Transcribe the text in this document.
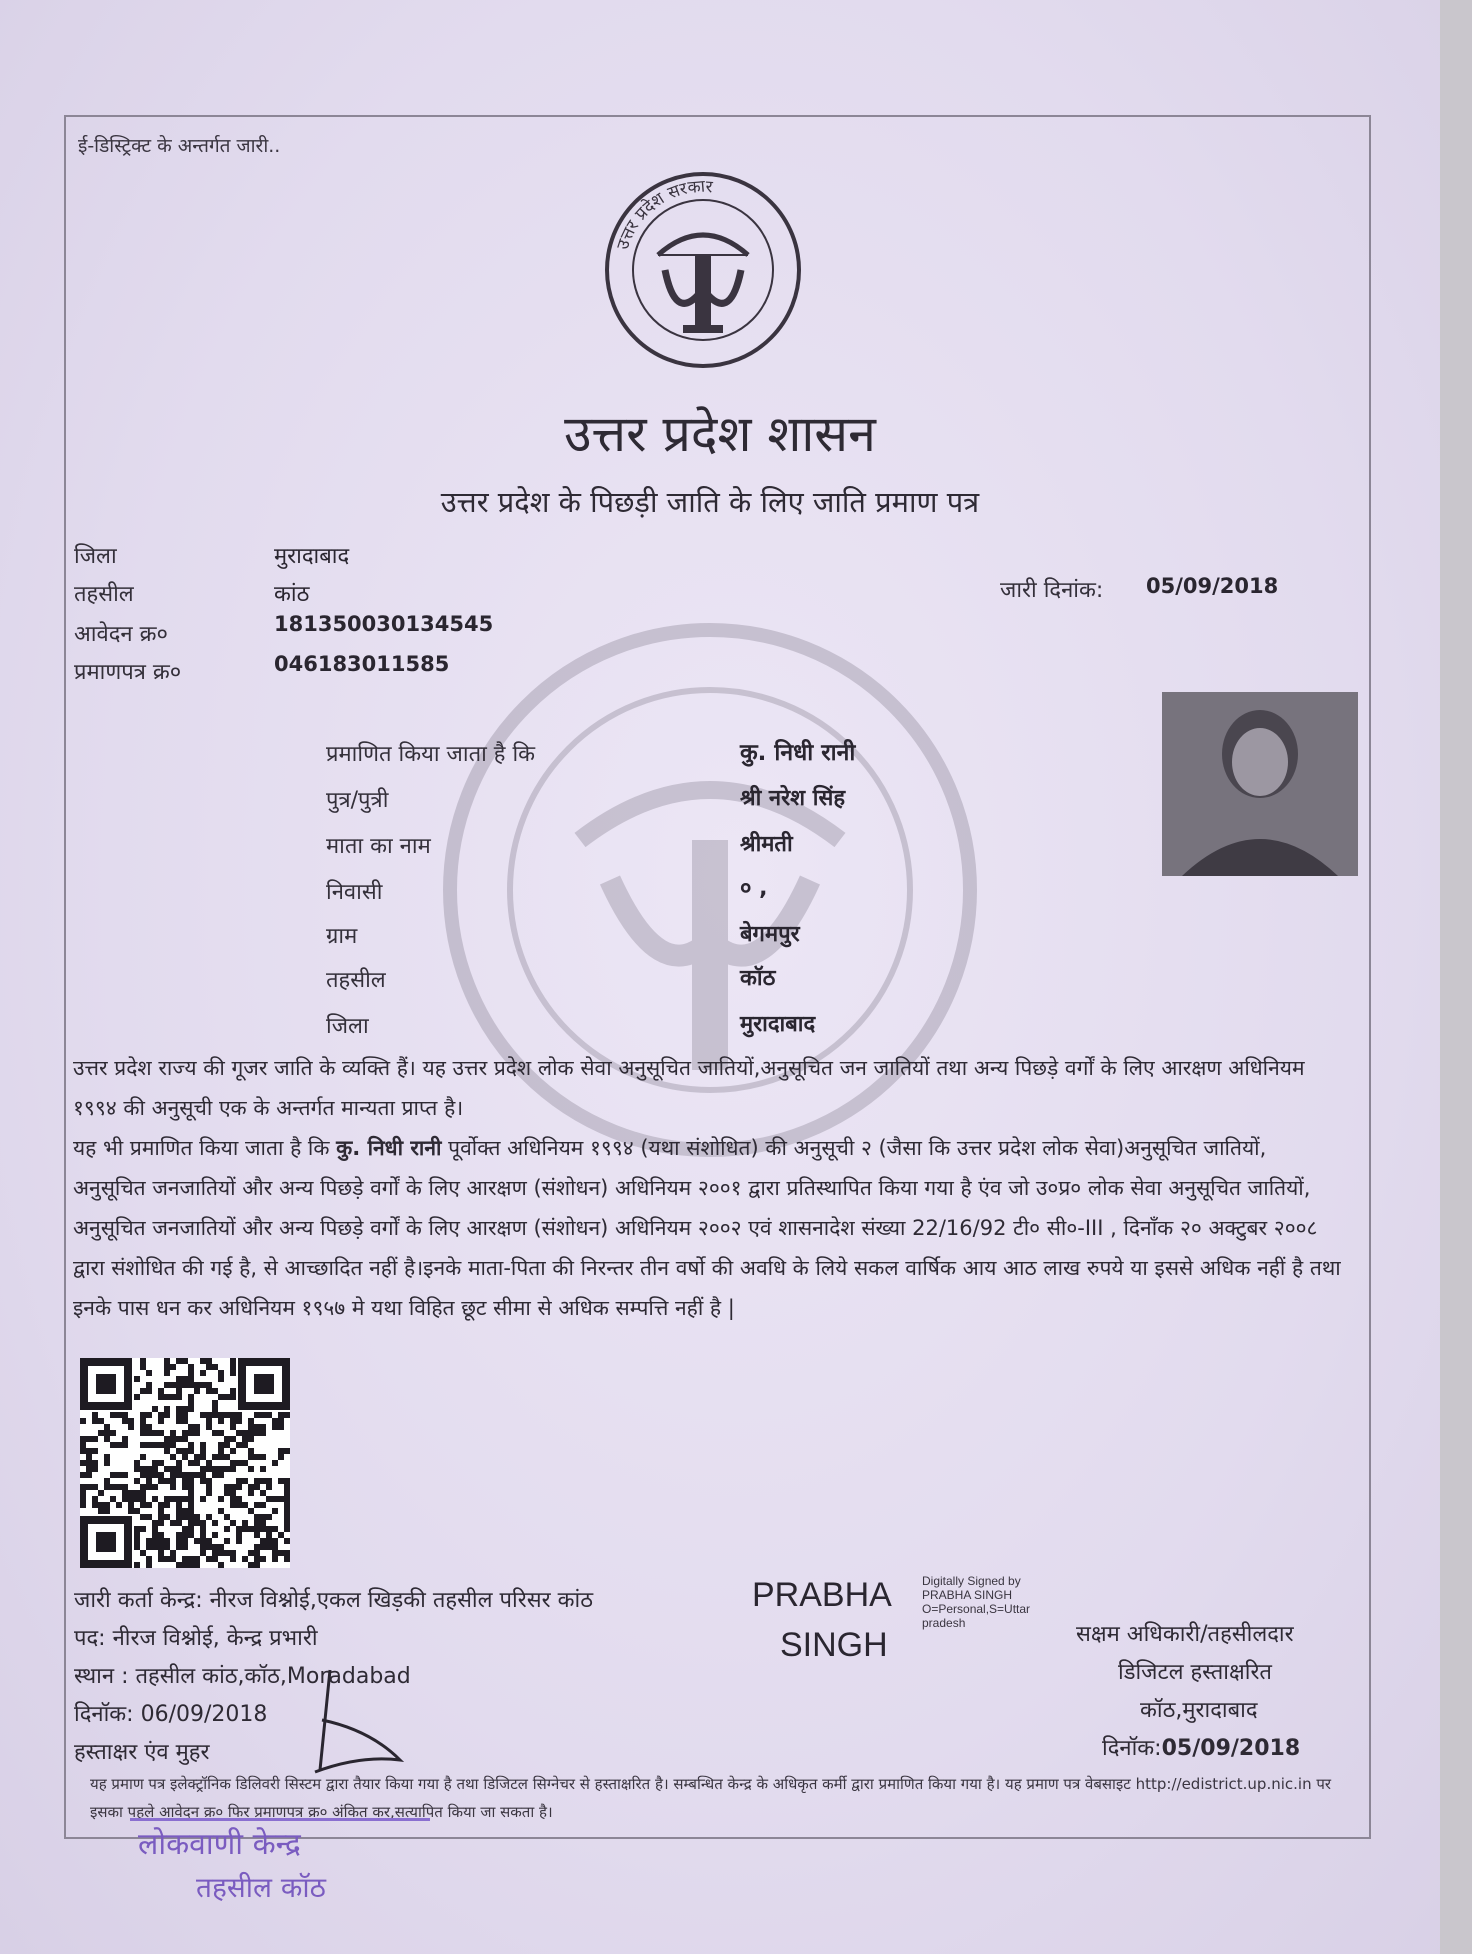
ई-डिस्ट्रिक्ट के अन्तर्गत जारी..
उत्तर प्रदेश सरकार
उत्तर प्रदेश शासन
उत्तर प्रदेश के पिछड़ी जाति के लिए जाति प्रमाण पत्र
जिला	मुरादाबाद
तहसील	कांठ
आवेदन क्र०	181350030134545
प्रमाणपत्र क्र०	046183011585
जारी दिनांक: 05/09/2018
प्रमाणित किया जाता है कि	कु. निधी रानी
पुत्र/पुत्री	श्री नरेश सिंह
माता का नाम	श्रीमती
निवासी	० ,
ग्राम	बेगमपुर
तहसील	कॉठ
जिला	मुरादाबाद
उत्तर प्रदेश राज्य की गूजर जाति के व्यक्ति हैं। यह उत्तर प्रदेश लोक सेवा अनुसूचित जातियों,अनुसूचित जन जातियों तथा अन्य पिछड़े वर्गों के लिए आरक्षण अधिनियम १९९४ की अनुसूची एक के अन्तर्गत मान्यता प्राप्त है।
यह भी प्रमाणित किया जाता है कि कु. निधी रानी पूर्वोक्त अधिनियम १९९४ (यथा संशोधित) की अनुसूची २ (जैसा कि उत्तर प्रदेश लोक सेवा)अनुसूचित जातियों, अनुसूचित जनजातियों और अन्य पिछड़े वर्गों के लिए आरक्षण (संशोधन) अधिनियम २००१ द्वारा प्रतिस्थापित किया गया है एंव जो उ०प्र० लोक सेवा अनुसूचित जातियों, अनुसूचित जनजातियों और अन्य पिछड़े वर्गों के लिए आरक्षण (संशोधन) अधिनियम २००२ एवं शासनादेश संख्या 22/16/92 टी० सी०-III , दिनाँक २० अक्टुबर २००८ द्वारा संशोधित की गई है, से आच्छादित नहीं है।इनके माता-पिता की निरन्तर तीन वर्षो की अवधि के लिये सकल वार्षिक आय आठ लाख रुपये या इससे अधिक नहीं है तथा इनके पास धन कर अधिनियम १९५७ मे यथा विहित छूट सीमा से अधिक सम्पत्ति नहीं है |
जारी कर्ता केन्द्र: नीरज विश्नोई,एकल खिड़की तहसील परिसर कांठ
पद: नीरज विश्नोई, केन्द्र प्रभारी
स्थान : तहसील कांठ,कॉठ,Moradabad
दिनॉक: 06/09/2018
हस्ताक्षर एंव मुहर
PRABHA
SINGH
Digitally Signed by PRABHA SINGH O=Personal,S=Uttar pradesh	सक्षम अधिकारी/तहसीलदार
डिजिटल हस्ताक्षरित
कॉठ,मुरादाबाद
दिनॉक:05/09/2018
यह प्रमाण पत्र इलेक्ट्रॉनिक डिलिवरी सिस्टम द्वारा तैयार किया गया है तथा डिजिटल सिग्नेचर से हस्ताक्षरित है। सम्बन्धित केन्द्र के अधिकृत कर्मी द्वारा प्रमाणित किया गया है। यह प्रमाण पत्र वेबसाइट http://edistrict.up.nic.in पर इसका पहले आवेदन क्र० फिर प्रमाणपत्र क्र० अंकित कर,सत्यापित किया जा सकता है।
लोकवाणी केन्द्र
तहसील कॉठ
